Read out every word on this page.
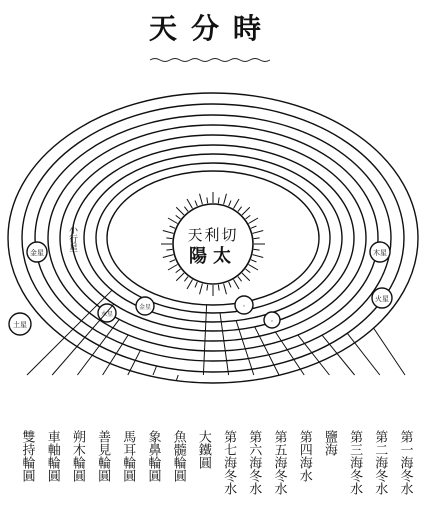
天分時
天利切
陽太
金星
土星
木星
火星
水星
金星	◦
◦
小行星
第一海冬水
第二海冬水
第三海冬水
鹽海
第四海水
第五海冬水
第六海冬水
第七海冬水
大鐵圓
魚髓輪圓
象鼻輪圓
馬耳輪圓
善見輪圓
朔木輪圓
車軸輪圓
雙持輪圓
